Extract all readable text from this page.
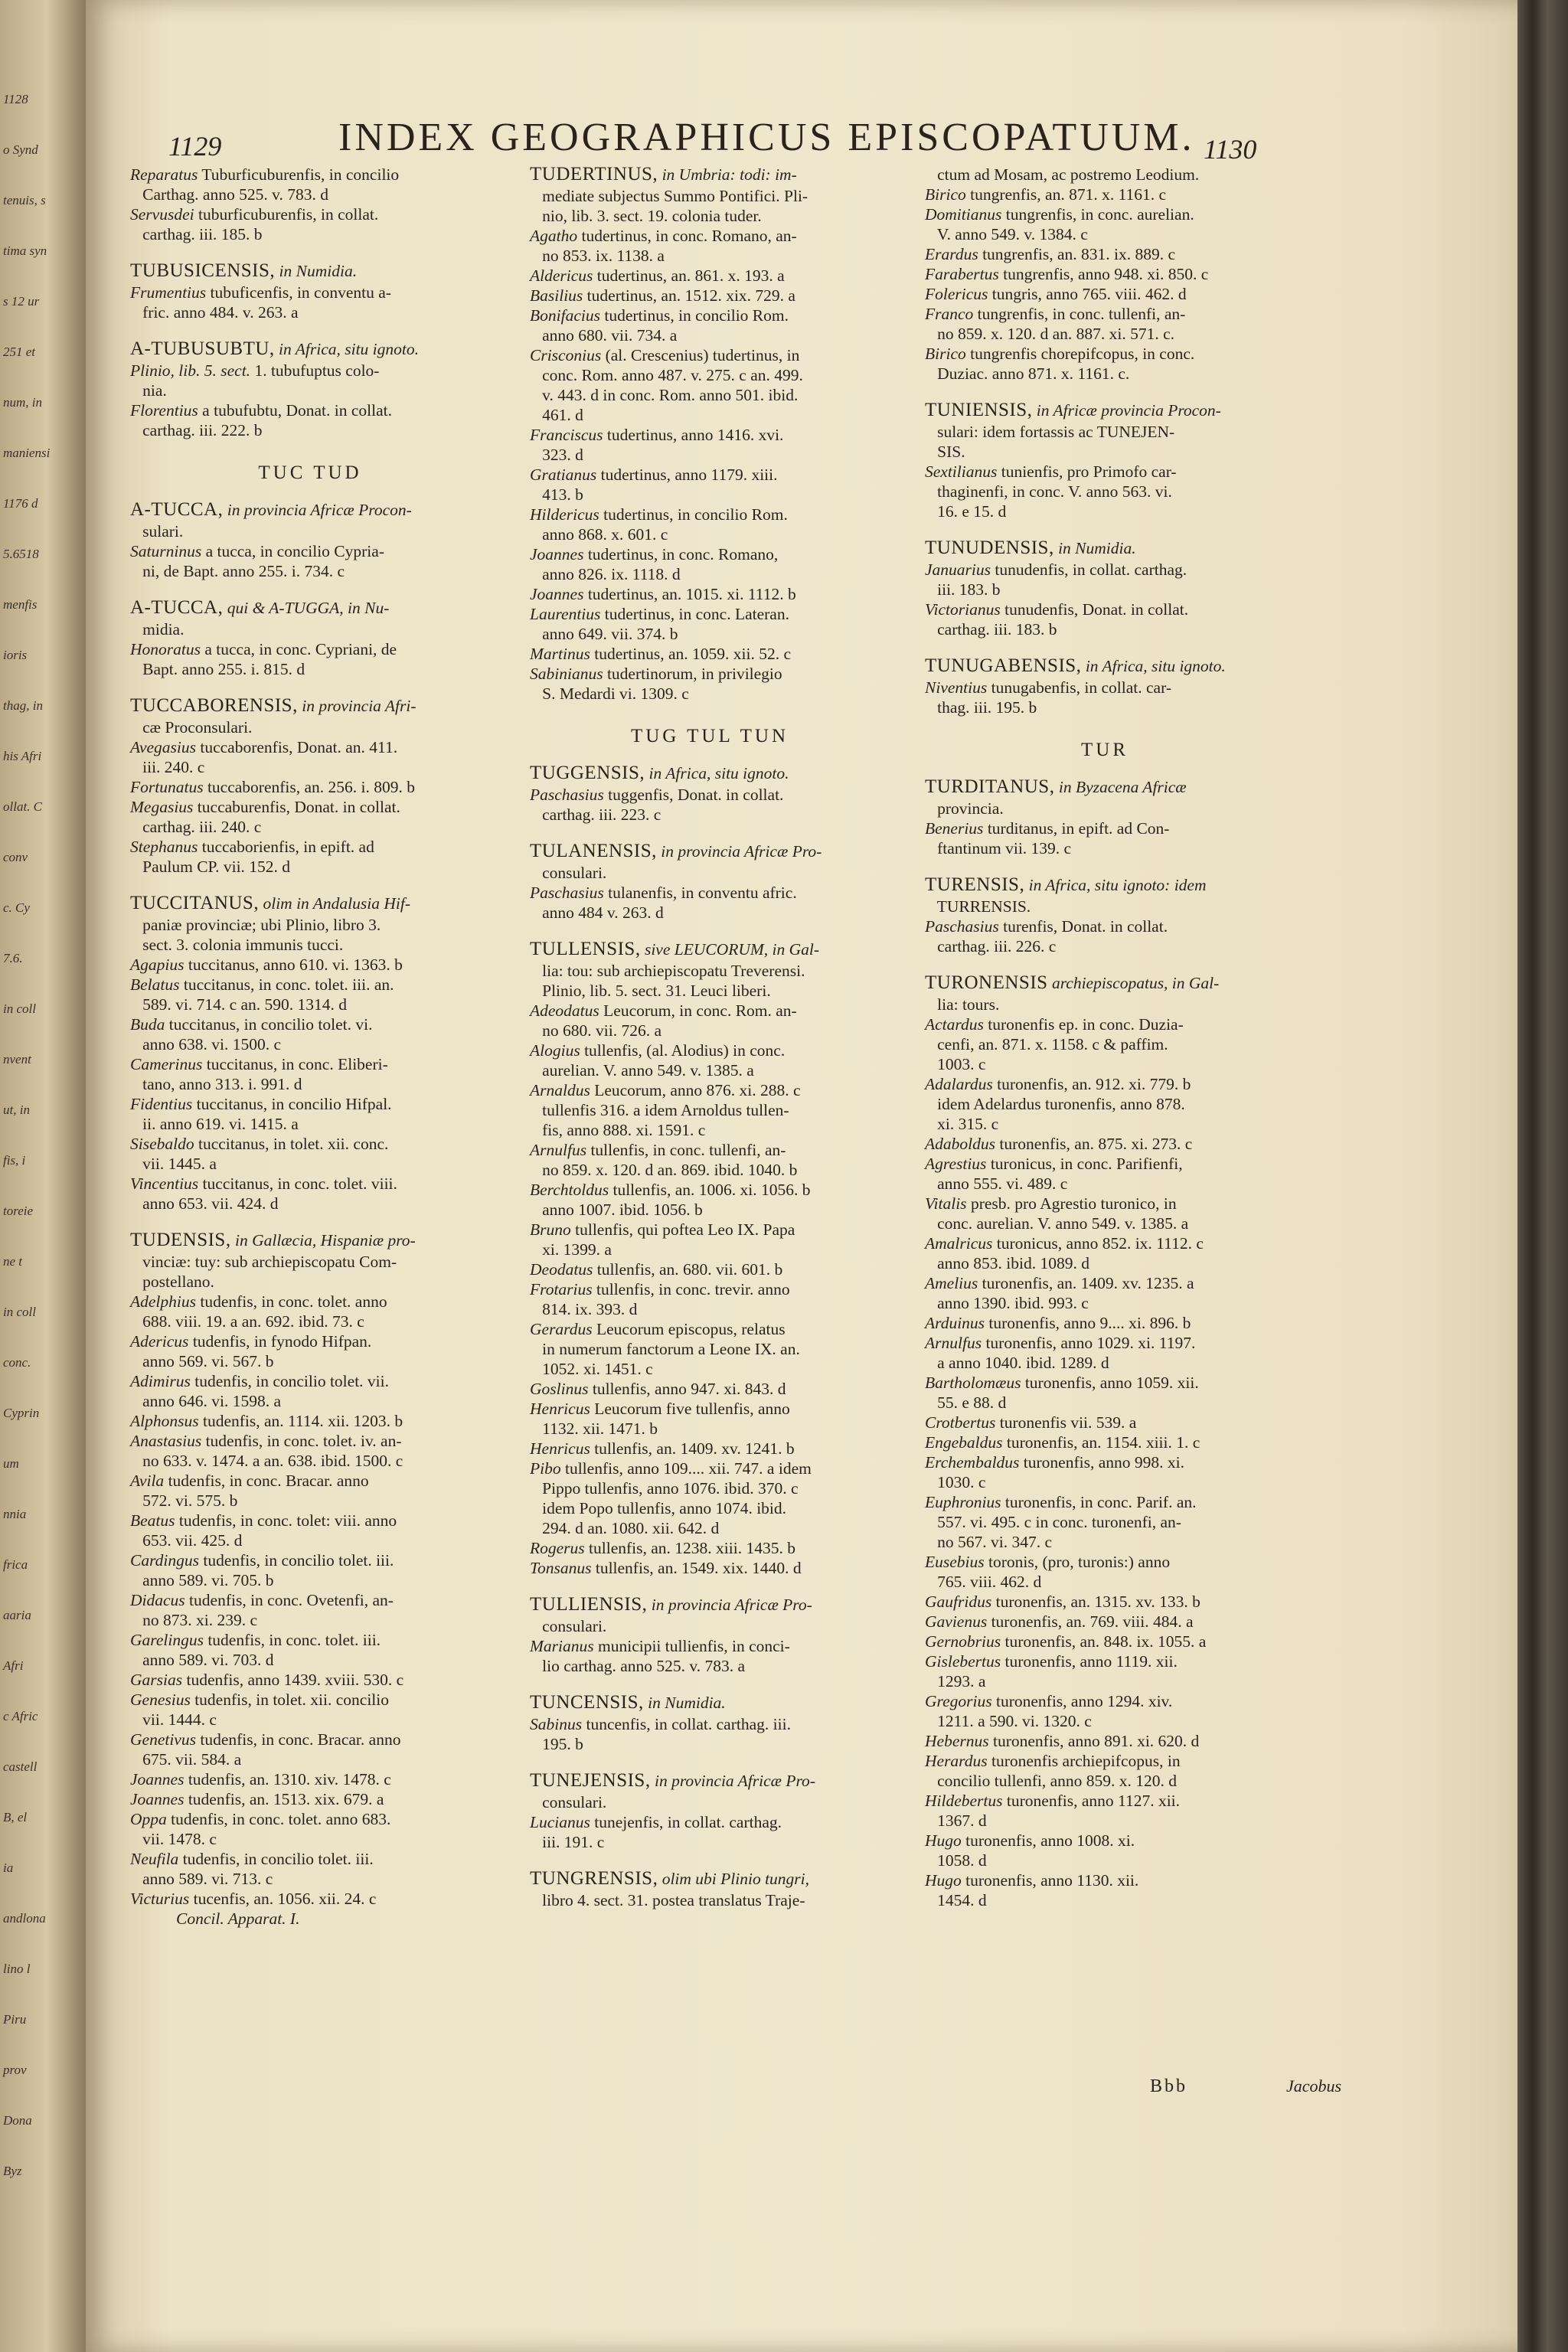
1128
o Synd
tenuis, s
tima syn
s 12 ur
251 et
num, in
maniensi
1176 d
5.6518
menfis
ioris
thag, in
his Afri
ollat. C
conv
c. Cy
7.6.
in coll
nvent
ut, in
fis, i
toreie
ne t
in coll
conc.
Cyprin
um
nnia
frica
aaria
Afri
c Afric
castell
B, el
ia
andlona
lino l
Piru
prov
Dona
Byz
1129	INDEX GEOGRAPHICUS EPISCOPATUUM. 1130
Reparatus Tuburficuburenfis, in concilio
Carthag. anno 525. v. 783. d
Servusdei tuburficuburenfis, in collat.
carthag. iii. 185. b
TUBUSICENSIS, in Numidia.
Frumentius tubuficenfis, in conventu a-
fric. anno 484. v. 263. a
A-TUBUSUBTU, in Africa, situ ignoto.
Plinio, lib. 5. sect. 1. tubufuptus colo-
nia.
Florentius a tubufubtu, Donat. in collat.
carthag. iii. 222. b
TUC TUD
A-TUCCA, in provincia Africæ Procon-
sulari.
Saturninus a tucca, in concilio Cypria-
ni, de Bapt. anno 255. i. 734. c
A-TUCCA, qui & A-TUGGA, in Nu-
midia.
Honoratus a tucca, in conc. Cypriani, de
Bapt. anno 255. i. 815. d
TUCCABORENSIS, in provincia Afri-
cæ Proconsulari.
Avegasius tuccaborenfis, Donat. an. 411.
iii. 240. c
Fortunatus tuccaborenfis, an. 256. i. 809. b
Megasius tuccaburenfis, Donat. in collat.
carthag. iii. 240. c
Stephanus tuccaborienfis, in epift. ad
Paulum CP. vii. 152. d
TUCCITANUS, olim in Andalusia Hif-
paniæ provinciæ; ubi Plinio, libro 3.
sect. 3. colonia immunis tucci.
Agapius tuccitanus, anno 610. vi. 1363. b
Belatus tuccitanus, in conc. tolet. iii. an.
589. vi. 714. c an. 590. 1314. d
Buda tuccitanus, in concilio tolet. vi.
anno 638. vi. 1500. c
Camerinus tuccitanus, in conc. Eliberi-
tano, anno 313. i. 991. d
Fidentius tuccitanus, in concilio Hifpal.
ii. anno 619. vi. 1415. a
Sisebaldo tuccitanus, in tolet. xii. conc.
vii. 1445. a
Vincentius tuccitanus, in conc. tolet. viii.
anno 653. vii. 424. d
TUDENSIS, in Gallæcia, Hispaniæ pro-
vinciæ: tuy: sub archiepiscopatu Com-
postellano.
Adelphius tudenfis, in conc. tolet. anno
688. viii. 19. a an. 692. ibid. 73. c
Adericus tudenfis, in fynodo Hifpan.
anno 569. vi. 567. b
Adimirus tudenfis, in concilio tolet. vii.
anno 646. vi. 1598. a
Alphonsus tudenfis, an. 1114. xii. 1203. b
Anastasius tudenfis, in conc. tolet. iv. an-
no 633. v. 1474. a an. 638. ibid. 1500. c
Avila tudenfis, in conc. Bracar. anno
572. vi. 575. b
Beatus tudenfis, in conc. tolet: viii. anno
653. vii. 425. d
Cardingus tudenfis, in concilio tolet. iii.
anno 589. vi. 705. b
Didacus tudenfis, in conc. Ovetenfi, an-
no 873. xi. 239. c
Garelingus tudenfis, in conc. tolet. iii.
anno 589. vi. 703. d
Garsias tudenfis, anno 1439. xviii. 530. c
Genesius tudenfis, in tolet. xii. concilio
vii. 1444. c
Genetivus tudenfis, in conc. Bracar. anno
675. vii. 584. a
Joannes tudenfis, an. 1310. xiv. 1478. c
Joannes tudenfis, an. 1513. xix. 679. a
Oppa tudenfis, in conc. tolet. anno 683.
vii. 1478. c
Neufila tudenfis, in concilio tolet. iii.
anno 589. vi. 713. c
Victurius tucenfis, an. 1056. xii. 24. c
Concil. Apparat. I.
TUDERTINUS, in Umbria: todi: im-
mediate subjectus Summo Pontifici. Pli-
nio, lib. 3. sect. 19. colonia tuder.
Agatho tudertinus, in conc. Romano, an-
no 853. ix. 1138. a
Aldericus tudertinus, an. 861. x. 193. a
Basilius tudertinus, an. 1512. xix. 729. a
Bonifacius tudertinus, in concilio Rom.
anno 680. vii. 734. a
Crisconius (al. Crescenius) tudertinus, in
conc. Rom. anno 487. v. 275. c an. 499.
v. 443. d in conc. Rom. anno 501. ibid.
461. d
Franciscus tudertinus, anno 1416. xvi.
323. d
Gratianus tudertinus, anno 1179. xiii.
413. b
Hildericus tudertinus, in concilio Rom.
anno 868. x. 601. c
Joannes tudertinus, in conc. Romano,
anno 826. ix. 1118. d
Joannes tudertinus, an. 1015. xi. 1112. b
Laurentius tudertinus, in conc. Lateran.
anno 649. vii. 374. b
Martinus tudertinus, an. 1059. xii. 52. c
Sabinianus tudertinorum, in privilegio
S. Medardi vi. 1309. c
TUG TUL TUN
TUGGENSIS, in Africa, situ ignoto.
Paschasius tuggenfis, Donat. in collat.
carthag. iii. 223. c
TULANENSIS, in provincia Africæ Pro-
consulari.
Paschasius tulanenfis, in conventu afric.
anno 484 v. 263. d
TULLENSIS, sive LEUCORUM, in Gal-
lia: tou: sub archiepiscopatu Treverensi.
Plinio, lib. 5. sect. 31. Leuci liberi.
Adeodatus Leucorum, in conc. Rom. an-
no 680. vii. 726. a
Alogius tullenfis, (al. Alodius) in conc.
aurelian. V. anno 549. v. 1385. a
Arnaldus Leucorum, anno 876. xi. 288. c
tullenfis 316. a idem Arnoldus tullen-
fis, anno 888. xi. 1591. c
Arnulfus tullenfis, in conc. tullenfi, an-
no 859. x. 120. d an. 869. ibid. 1040. b
Berchtoldus tullenfis, an. 1006. xi. 1056. b
anno 1007. ibid. 1056. b
Bruno tullenfis, qui poftea Leo IX. Papa
xi. 1399. a
Deodatus tullenfis, an. 680. vii. 601. b
Frotarius tullenfis, in conc. trevir. anno
814. ix. 393. d
Gerardus Leucorum episcopus, relatus
in numerum fanctorum a Leone IX. an.
1052. xi. 1451. c
Goslinus tullenfis, anno 947. xi. 843. d
Henricus Leucorum five tullenfis, anno
1132. xii. 1471. b
Henricus tullenfis, an. 1409. xv. 1241. b
Pibo tullenfis, anno 109.... xii. 747. a idem
Pippo tullenfis, anno 1076. ibid. 370. c
idem Popo tullenfis, anno 1074. ibid.
294. d an. 1080. xii. 642. d
Rogerus tullenfis, an. 1238. xiii. 1435. b
Tonsanus tullenfis, an. 1549. xix. 1440. d
TULLIENSIS, in provincia Africæ Pro-
consulari.
Marianus municipii tullienfis, in conci-
lio carthag. anno 525. v. 783. a
TUNCENSIS, in Numidia.
Sabinus tuncenfis, in collat. carthag. iii.
195. b
TUNEJENSIS, in provincia Africæ Pro-
consulari.
Lucianus tunejenfis, in collat. carthag.
iii. 191. c
TUNGRENSIS, olim ubi Plinio tungri,
libro 4. sect. 31. postea translatus Traje-
ctum ad Mosam, ac postremo Leodium.
Birico tungrenfis, an. 871. x. 1161. c
Domitianus tungrenfis, in conc. aurelian.
V. anno 549. v. 1384. c
Erardus tungrenfis, an. 831. ix. 889. c
Farabertus tungrenfis, anno 948. xi. 850. c
Folericus tungris, anno 765. viii. 462. d
Franco tungrenfis, in conc. tullenfi, an-
no 859. x. 120. d an. 887. xi. 571. c.
Birico tungrenfis chorepifcopus, in conc.
Duziac. anno 871. x. 1161. c.
TUNIENSIS, in Africæ provincia Procon-
sulari: idem fortassis ac TUNEJEN-
SIS.
Sextilianus tunienfis, pro Primofo car-
thaginenfi, in conc. V. anno 563. vi.
16. e 15. d
TUNUDENSIS, in Numidia.
Januarius tunudenfis, in collat. carthag.
iii. 183. b
Victorianus tunudenfis, Donat. in collat.
carthag. iii. 183. b
TUNUGABENSIS, in Africa, situ ignoto.
Niventius tunugabenfis, in collat. car-
thag. iii. 195. b
TUR
TURDITANUS, in Byzacena Africæ
provincia.
Benerius turditanus, in epift. ad Con-
ftantinum vii. 139. c
TURENSIS, in Africa, situ ignoto: idem
TURRENSIS.
Paschasius turenfis, Donat. in collat.
carthag. iii. 226. c
TURONENSIS archiepiscopatus, in Gal-
lia: tours.
Actardus turonenfis ep. in conc. Duzia-
cenfi, an. 871. x. 1158. c & paffim.
1003. c
Adalardus turonenfis, an. 912. xi. 779. b
idem Adelardus turonenfis, anno 878.
xi. 315. c
Adaboldus turonenfis, an. 875. xi. 273. c
Agrestius turonicus, in conc. Parifienfi,
anno 555. vi. 489. c
Vitalis presb. pro Agrestio turonico, in
conc. aurelian. V. anno 549. v. 1385. a
Amalricus turonicus, anno 852. ix. 1112. c
anno 853. ibid. 1089. d
Amelius turonenfis, an. 1409. xv. 1235. a
anno 1390. ibid. 993. c
Arduinus turonenfis, anno 9.... xi. 896. b
Arnulfus turonenfis, anno 1029. xi. 1197.
a anno 1040. ibid. 1289. d
Bartholomæus turonenfis, anno 1059. xii.
55. e 88. d
Crotbertus turonenfis vii. 539. a
Engebaldus turonenfis, an. 1154. xiii. 1. c
Erchembaldus turonenfis, anno 998. xi.
1030. c
Euphronius turonenfis, in conc. Parif. an.
557. vi. 495. c in conc. turonenfi, an-
no 567. vi. 347. c
Eusebius toronis, (pro, turonis:) anno
765. viii. 462. d
Gaufridus turonenfis, an. 1315. xv. 133. b
Gavienus turonenfis, an. 769. viii. 484. a
Gernobrius turonenfis, an. 848. ix. 1055. a
Gislebertus turonenfis, anno 1119. xii.
1293. a
Gregorius turonenfis, anno 1294. xiv.
1211. a 590. vi. 1320. c
Hebernus turonenfis, anno 891. xi. 620. d
Herardus turonenfis archiepifcopus, in
concilio tullenfi, anno 859. x. 120. d
Hildebertus turonenfis, anno 1127. xii.
1367. d
Hugo turonenfis, anno 1008. xi.
1058. d
Hugo turonenfis, anno 1130. xii.
1454. d
Bbb	Jacobus
